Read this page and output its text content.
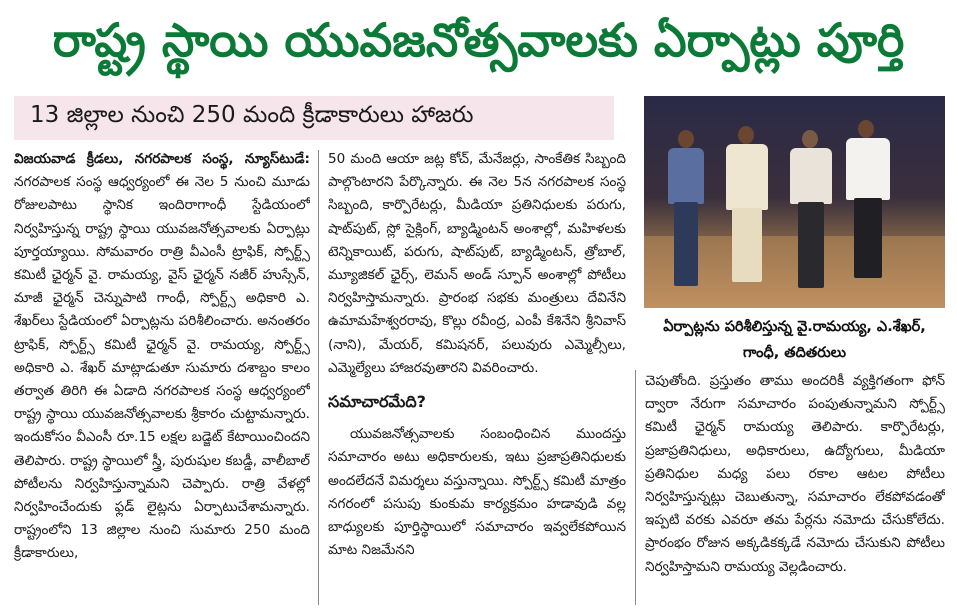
రాష్ట్ర స్థాయి యువజనోత్సవాలకు ఏర్పాట్లు పూర్తి
13 జిల్లాల నుంచి 250 మంది క్రీడాకారులు హాజరు

విజయవాడ క్రీడలు, నగరపాలక సంస్థ, న్యూస్‌టుడే: నగరపాలక సంస్థ ఆధ్వర్యంలో ఈ నెల 5 నుంచి మూడు రోజులపాటు స్థానిక ఇందిరాగాంధీ స్టేడియంలో నిర్వహిస్తున్న రాష్ట్ర స్థాయి యువజనోత్సవాలకు ఏర్పాట్లు పూర్తయ్యాయి. సోమవారం రాత్రి వీఎంసీ ట్రాఫిక్, స్పోర్ట్స్ కమిటీ ఛైర్మన్ వై. రామయ్య, వైస్ ఛైర్మన్ నజీర్ హుస్సేన్, మాజీ ఛైర్మన్ చెన్నుపాటి గాంధీ, స్పోర్ట్స్ అధికారి ఎ. శేఖర్‌లు స్టేడియంలో ఏర్పాట్లను పరిశీలించారు. అనంతరం ట్రాఫిక్, స్పోర్ట్స్ కమిటీ ఛైర్మన్ వై. రామయ్య, స్పోర్ట్స్ అధికారి ఎ. శేఖర్ మాట్లాడుతూ సుమారు దశాబ్దం కాలం తర్వాత తిరిగి ఈ ఏడాది నగరపాలక సంస్థ ఆధ్వర్యంలో రాష్ట్ర స్థాయి యువజనోత్సవాలకు శ్రీకారం చుట్టామన్నారు. ఇందుకోసం వీఎంసీ రూ.15 లక్షల బడ్జెట్ కేటాయించిందని తెలిపారు. రాష్ట్ర స్థాయిలో స్త్రీ, పురుషుల కబడ్డీ, వాలీబాల్ పోటీలను నిర్వహిస్తున్నామని చెప్పారు. రాత్రి వేళల్లో నిర్వహించేందుకు ఫ్లడ్ లైట్లను ఏర్పాటుచేశామన్నారు. రాష్ట్రంలోని 13 జిల్లాల నుంచి సుమారు 250 మంది క్రీడాకారులు,

50 మంది ఆయా జట్ల కోచ్, మేనేజర్లు, సాంకేతిక సిబ్బంది పాల్గొంటారని పేర్కొన్నారు. ఈ నెల 5న నగరపాలక సంస్థ సిబ్బంది, కార్పొరేటర్లు, మీడియా ప్రతినిధులకు పరుగు, షాట్‌పుట్, స్లో సైక్లింగ్, బ్యాడ్మింటన్ అంశాల్లో, మహిళలకు టెన్నికాయిట్, పరుగు, షాట్‌పుట్, బ్యాడ్మింటన్, త్రోబాల్, మ్యూజికల్ ఛైర్స్, లెమన్ అండ్ స్పూన్ అంశాల్లో పోటీలు నిర్వహిస్తామన్నారు. ప్రారంభ సభకు మంత్రులు దేవినేని ఉమామహేశ్వరరావు, కొల్లు రవీంద్ర, ఎంపీ కేశినేని శ్రీనివాస్ (నాని), మేయర్, కమిషనర్, పలువురు ఎమ్మెల్సీలు, ఎమ్మెల్యేలు హాజరవుతారని వివరించారు.

సమాచారమేది?

యువజనోత్సవాలకు సంబంధించిన ముందస్తు సమాచారం అటు అధికారులకు, ఇటు ప్రజాప్రతినిధులకు అందలేదనే విమర్శలు వస్తున్నాయి. స్పోర్ట్స్ కమిటీ మాత్రం నగరంలో పసుపు కుంకుమ కార్యక్రమం హడావుడి వల్ల బాధ్యులకు పూర్తిస్థాయిలో సమాచారం ఇవ్వలేకపోయిన మాట నిజమేనని

ఏర్పాట్లను పరిశీలిస్తున్న వై.రామయ్య, ఎ.శేఖర్, గాంధీ, తదితరులు

చెపుతోంది. ప్రస్తుతం తాము అందరికీ వ్యక్తిగతంగా ఫోన్ ద్వారా నేరుగా సమాచారం పంపుతున్నామని స్పోర్ట్స్ కమిటీ ఛైర్మన్ రామయ్య తెలిపారు. కార్పొరేటర్లు, ప్రజాప్రతినిధులు, అధికారులు, ఉద్యోగులు, మీడియా ప్రతినిధుల మధ్య పలు రకాల ఆటల పోటీలు నిర్వహిస్తున్నట్లు చెబుతున్నా, సమాచారం లేకపోవడంతో ఇప్పటి వరకు ఎవరూ తమ పేర్లను నమోదు చేసుకోలేదు. ప్రారంభం రోజున అక్కడికక్కడే నమోదు చేసుకుని పోటీలు నిర్వహిస్తామని రామయ్య వెల్లడించారు.
